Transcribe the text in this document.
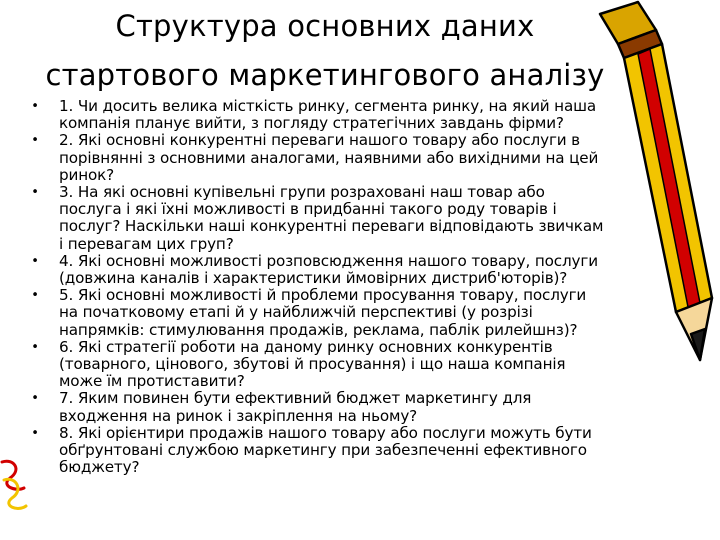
Структура основних даних
стартового маркетингового аналізу
• 1. Чи досить велика місткість ринку, сегмента ринку, на який наша
компанія планує вийти, з погляду стратегічних завдань фірми?
• 2. Які основні конкурентні переваги нашого товару або послуги в
порівнянні з основними аналогами, наявними або вихідними на цей
ринок?
• 3. На які основні купівельні групи розраховані наш товар або
послуга і які їхні можливості в придбанні такого роду товарів і
послуг? Наскільки наші конкурентні переваги відповідають звичкам
і перевагам цих груп?
• 4. Які основні можливості розповсюдження нашого товару, послуги
(довжина каналів і характеристики ймовірних дистриб'юторів)?
• 5. Які основні можливості й проблеми просування товару, послуги
на початковому етапі й у найближчій перспективі (у розрізі
напрямків: стимулювання продажів, реклама, паблік рилейшнз)?
• 6. Які стратегії роботи на даному ринку основних конкурентів
(товарного, цінового, збутові й просування) і що наша компанія
може їм протиставити?
• 7. Яким повинен бути ефективний бюджет маркетингу для
входження на ринок і закріплення на ньому?
• 8. Які орієнтири продажів нашого товару або послуги можуть бути
обґрунтовані службою маркетингу при забезпеченні ефективного
бюджету?
